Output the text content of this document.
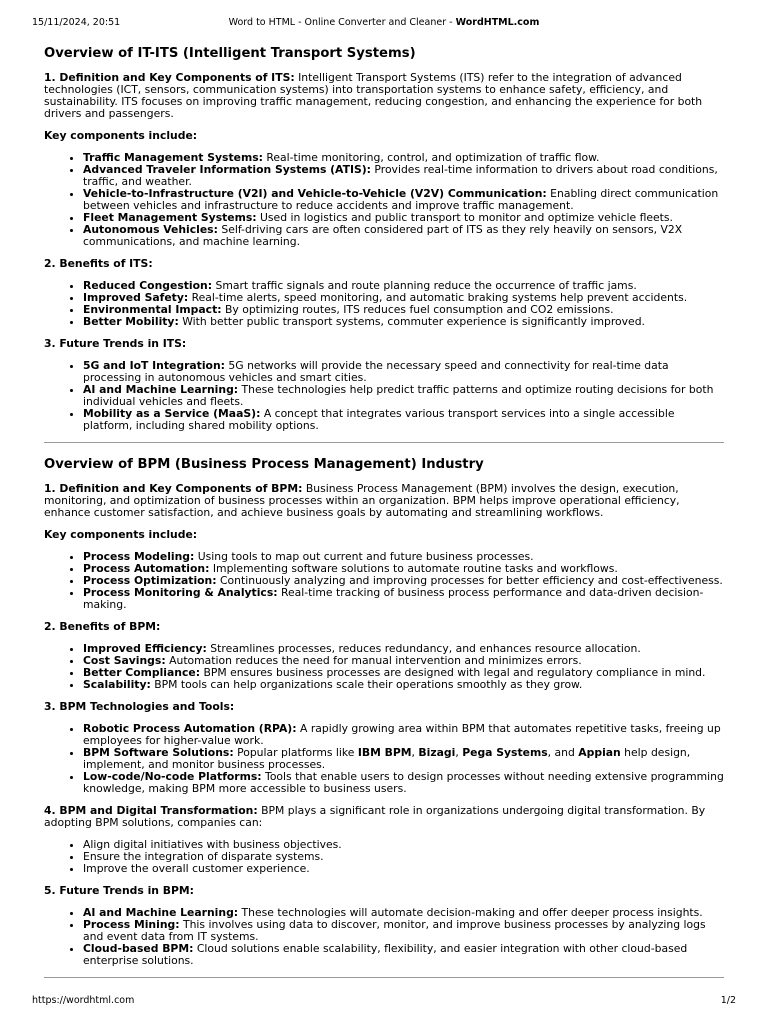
15/11/2024, 20:51	Word to HTML - Online Converter and Cleaner - WordHTML.com
Overview of IT-ITS (Intelligent Transport Systems)

1. Definition and Key Components of ITS: Intelligent Transport Systems (ITS) refer to the integration of advanced technologies (ICT, sensors, communication systems) into transportation systems to enhance safety, efficiency, and sustainability. ITS focuses on improving traffic management, reducing congestion, and enhancing the experience for both drivers and passengers.

Key components include:

• Traffic Management Systems: Real-time monitoring, control, and optimization of traffic flow.
• Advanced Traveler Information Systems (ATIS): Provides real-time information to drivers about road conditions, traffic, and weather.
• Vehicle-to-Infrastructure (V2I) and Vehicle-to-Vehicle (V2V) Communication: Enabling direct communication between vehicles and infrastructure to reduce accidents and improve traffic management.
• Fleet Management Systems: Used in logistics and public transport to monitor and optimize vehicle fleets.
• Autonomous Vehicles: Self-driving cars are often considered part of ITS as they rely heavily on sensors, V2X communications, and machine learning.

2. Benefits of ITS:

• Reduced Congestion: Smart traffic signals and route planning reduce the occurrence of traffic jams.
• Improved Safety: Real-time alerts, speed monitoring, and automatic braking systems help prevent accidents.
• Environmental Impact: By optimizing routes, ITS reduces fuel consumption and CO2 emissions.
• Better Mobility: With better public transport systems, commuter experience is significantly improved.

3. Future Trends in ITS:

• 5G and IoT Integration: 5G networks will provide the necessary speed and connectivity for real-time data processing in autonomous vehicles and smart cities.
• AI and Machine Learning: These technologies help predict traffic patterns and optimize routing decisions for both individual vehicles and fleets.
• Mobility as a Service (MaaS): A concept that integrates various transport services into a single accessible platform, including shared mobility options.
Overview of BPM (Business Process Management) Industry

1. Definition and Key Components of BPM: Business Process Management (BPM) involves the design, execution, monitoring, and optimization of business processes within an organization. BPM helps improve operational efficiency, enhance customer satisfaction, and achieve business goals by automating and streamlining workflows.

Key components include:

• Process Modeling: Using tools to map out current and future business processes.
• Process Automation: Implementing software solutions to automate routine tasks and workflows.
• Process Optimization: Continuously analyzing and improving processes for better efficiency and cost-effectiveness.
• Process Monitoring & Analytics: Real-time tracking of business process performance and data-driven decision-making.

2. Benefits of BPM:

• Improved Efficiency: Streamlines processes, reduces redundancy, and enhances resource allocation.
• Cost Savings: Automation reduces the need for manual intervention and minimizes errors.
• Better Compliance: BPM ensures business processes are designed with legal and regulatory compliance in mind.
• Scalability: BPM tools can help organizations scale their operations smoothly as they grow.

3. BPM Technologies and Tools:

• Robotic Process Automation (RPA): A rapidly growing area within BPM that automates repetitive tasks, freeing up employees for higher-value work.
• BPM Software Solutions: Popular platforms like IBM BPM, Bizagi, Pega Systems, and Appian help design, implement, and monitor business processes.
• Low-code/No-code Platforms: Tools that enable users to design processes without needing extensive programming knowledge, making BPM more accessible to business users.

4. BPM and Digital Transformation: BPM plays a significant role in organizations undergoing digital transformation. By adopting BPM solutions, companies can:

• Align digital initiatives with business objectives.
• Ensure the integration of disparate systems.
• Improve the overall customer experience.

5. Future Trends in BPM:

• AI and Machine Learning: These technologies will automate decision-making and offer deeper process insights.
• Process Mining: This involves using data to discover, monitor, and improve business processes by analyzing logs and event data from IT systems.
• Cloud-based BPM: Cloud solutions enable scalability, flexibility, and easier integration with other cloud-based enterprise solutions.
https://wordhtml.com	1/2
